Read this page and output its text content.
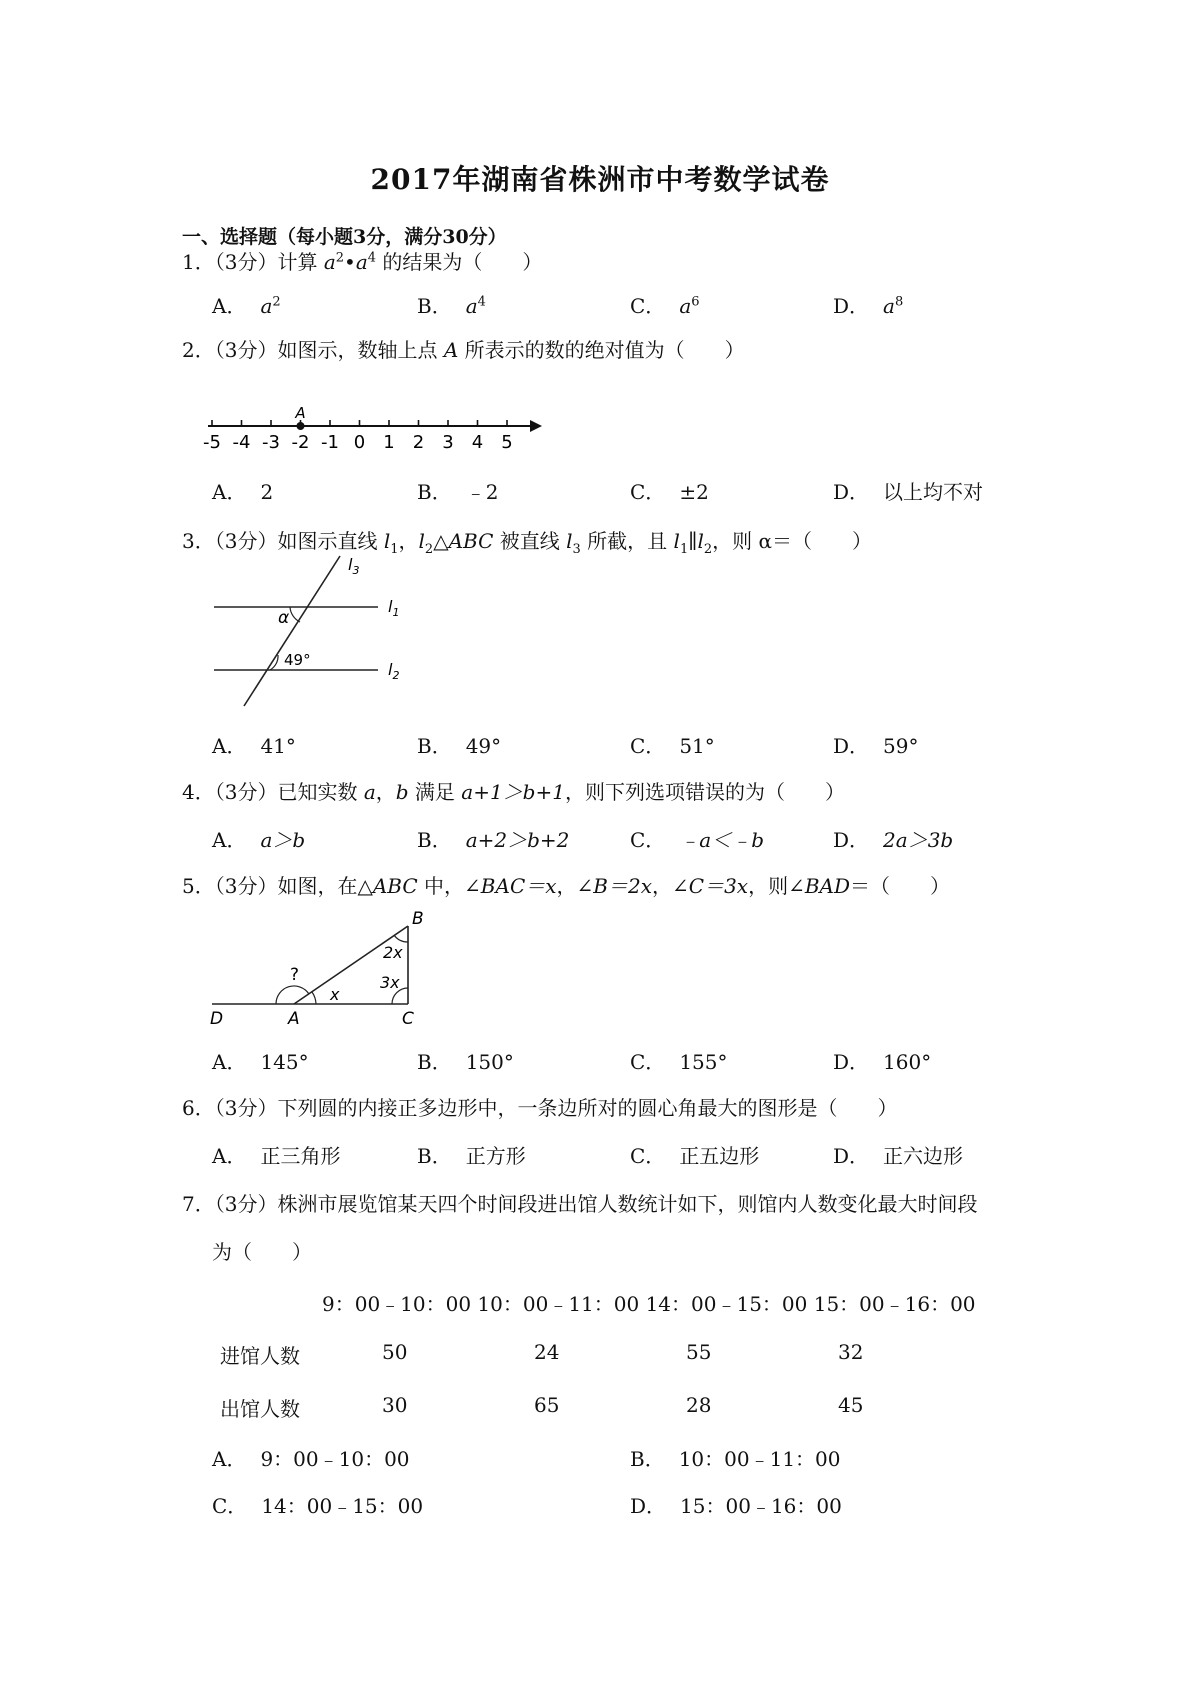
2017年湖南省株洲市中考数学试卷
一、选择题（每小题3分，满分30分）
1．（3分）计算 $a^2•a^4$ 的结果为（　　）
A． $a^2$	B． $a^4$	C． $a^6$	D． $a^8$
2．（3分）如图示，数轴上点 A 所表示的数的绝对值为（　　）
-5 -4 -3 -2 -1 0 1 2 3 4 5
A
A． 2	B． ﹣2	C． ±2	D． 以上均不对
3．（3分）如图示直线 $l_1$，$l_2\triangle ABC$ 被直线 $l_3$ 所截，且 $l_1\parallel l_2$，则 α＝（　　）
α
49°
$l_3$
$l_1$
$l_2$
A． 41°	B． 49°	C． 51°	D． 59°
4．（3分）已知实数 a，b 满足 a+1＞b+1，则下列选项错误的为（　　）
A． a＞b	B． a+2＞b+2	C． ﹣a＜﹣b	D． 2a＞3b
5．（3分）如图，在△ABC 中，∠BAC＝x，∠B＝2x，∠C＝3x，则∠BAD＝（　　）
B
D	A	C
?
x
2x
3x
A． 145°	B． 150°	C． 155°	D． 160°
6．（3分）下列圆的内接正多边形中，一条边所对的圆心角最大的图形是（　　）
A． 正三角形	B． 正方形	C． 正五边形	D． 正六边形
7．（3分）株洲市展览馆某天四个时间段进出馆人数统计如下，则馆内人数变化最大时间段
为（　　）
9：00﹣10：00 10：00﹣11：00 14：00﹣15：00 15：00﹣16：00
进馆人数	50	24	55	32
出馆人数	30	65	28	45
A． 9：00﹣10：00	B． 10：00﹣11：00
C． 14：00﹣15：00	D． 15：00﹣16：00
